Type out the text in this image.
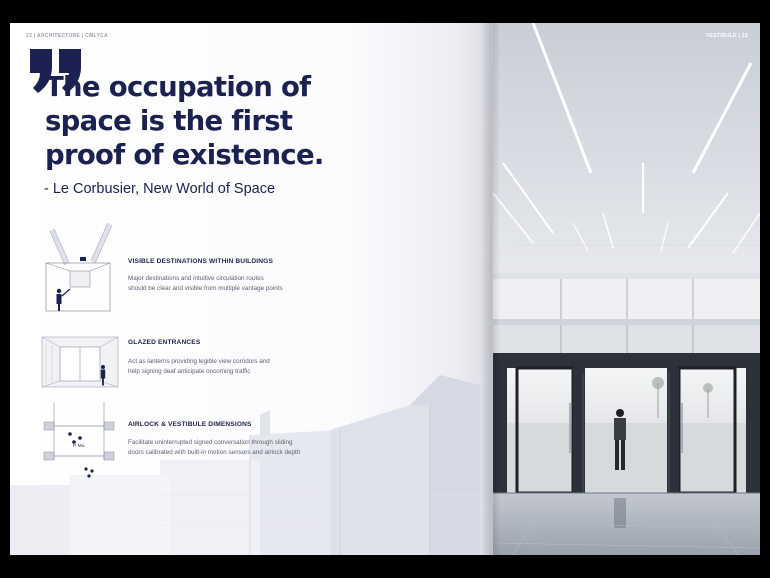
22 | ARCHITECTURE | CMLYCA
The occupation of
space is the first
proof of existence.
- Le Corbusier, New World of Space
VISIBLE DESTINATIONS WITHIN BUILDINGS
Major destinations and intuitive circulation routes
should be clear and visible from multiple vantage points
GLAZED ENTRANCES
Act as lanterns providing legible view corridors and
help signing deaf anticipate oncoming traffic
P. Mo.
AIRLOCK & VESTIBULE DIMENSIONS
Facilitate uninterrupted signed conversation through sliding
doors calibrated with built-in motion sensors and airlock depth
VESTIBULE | 23
